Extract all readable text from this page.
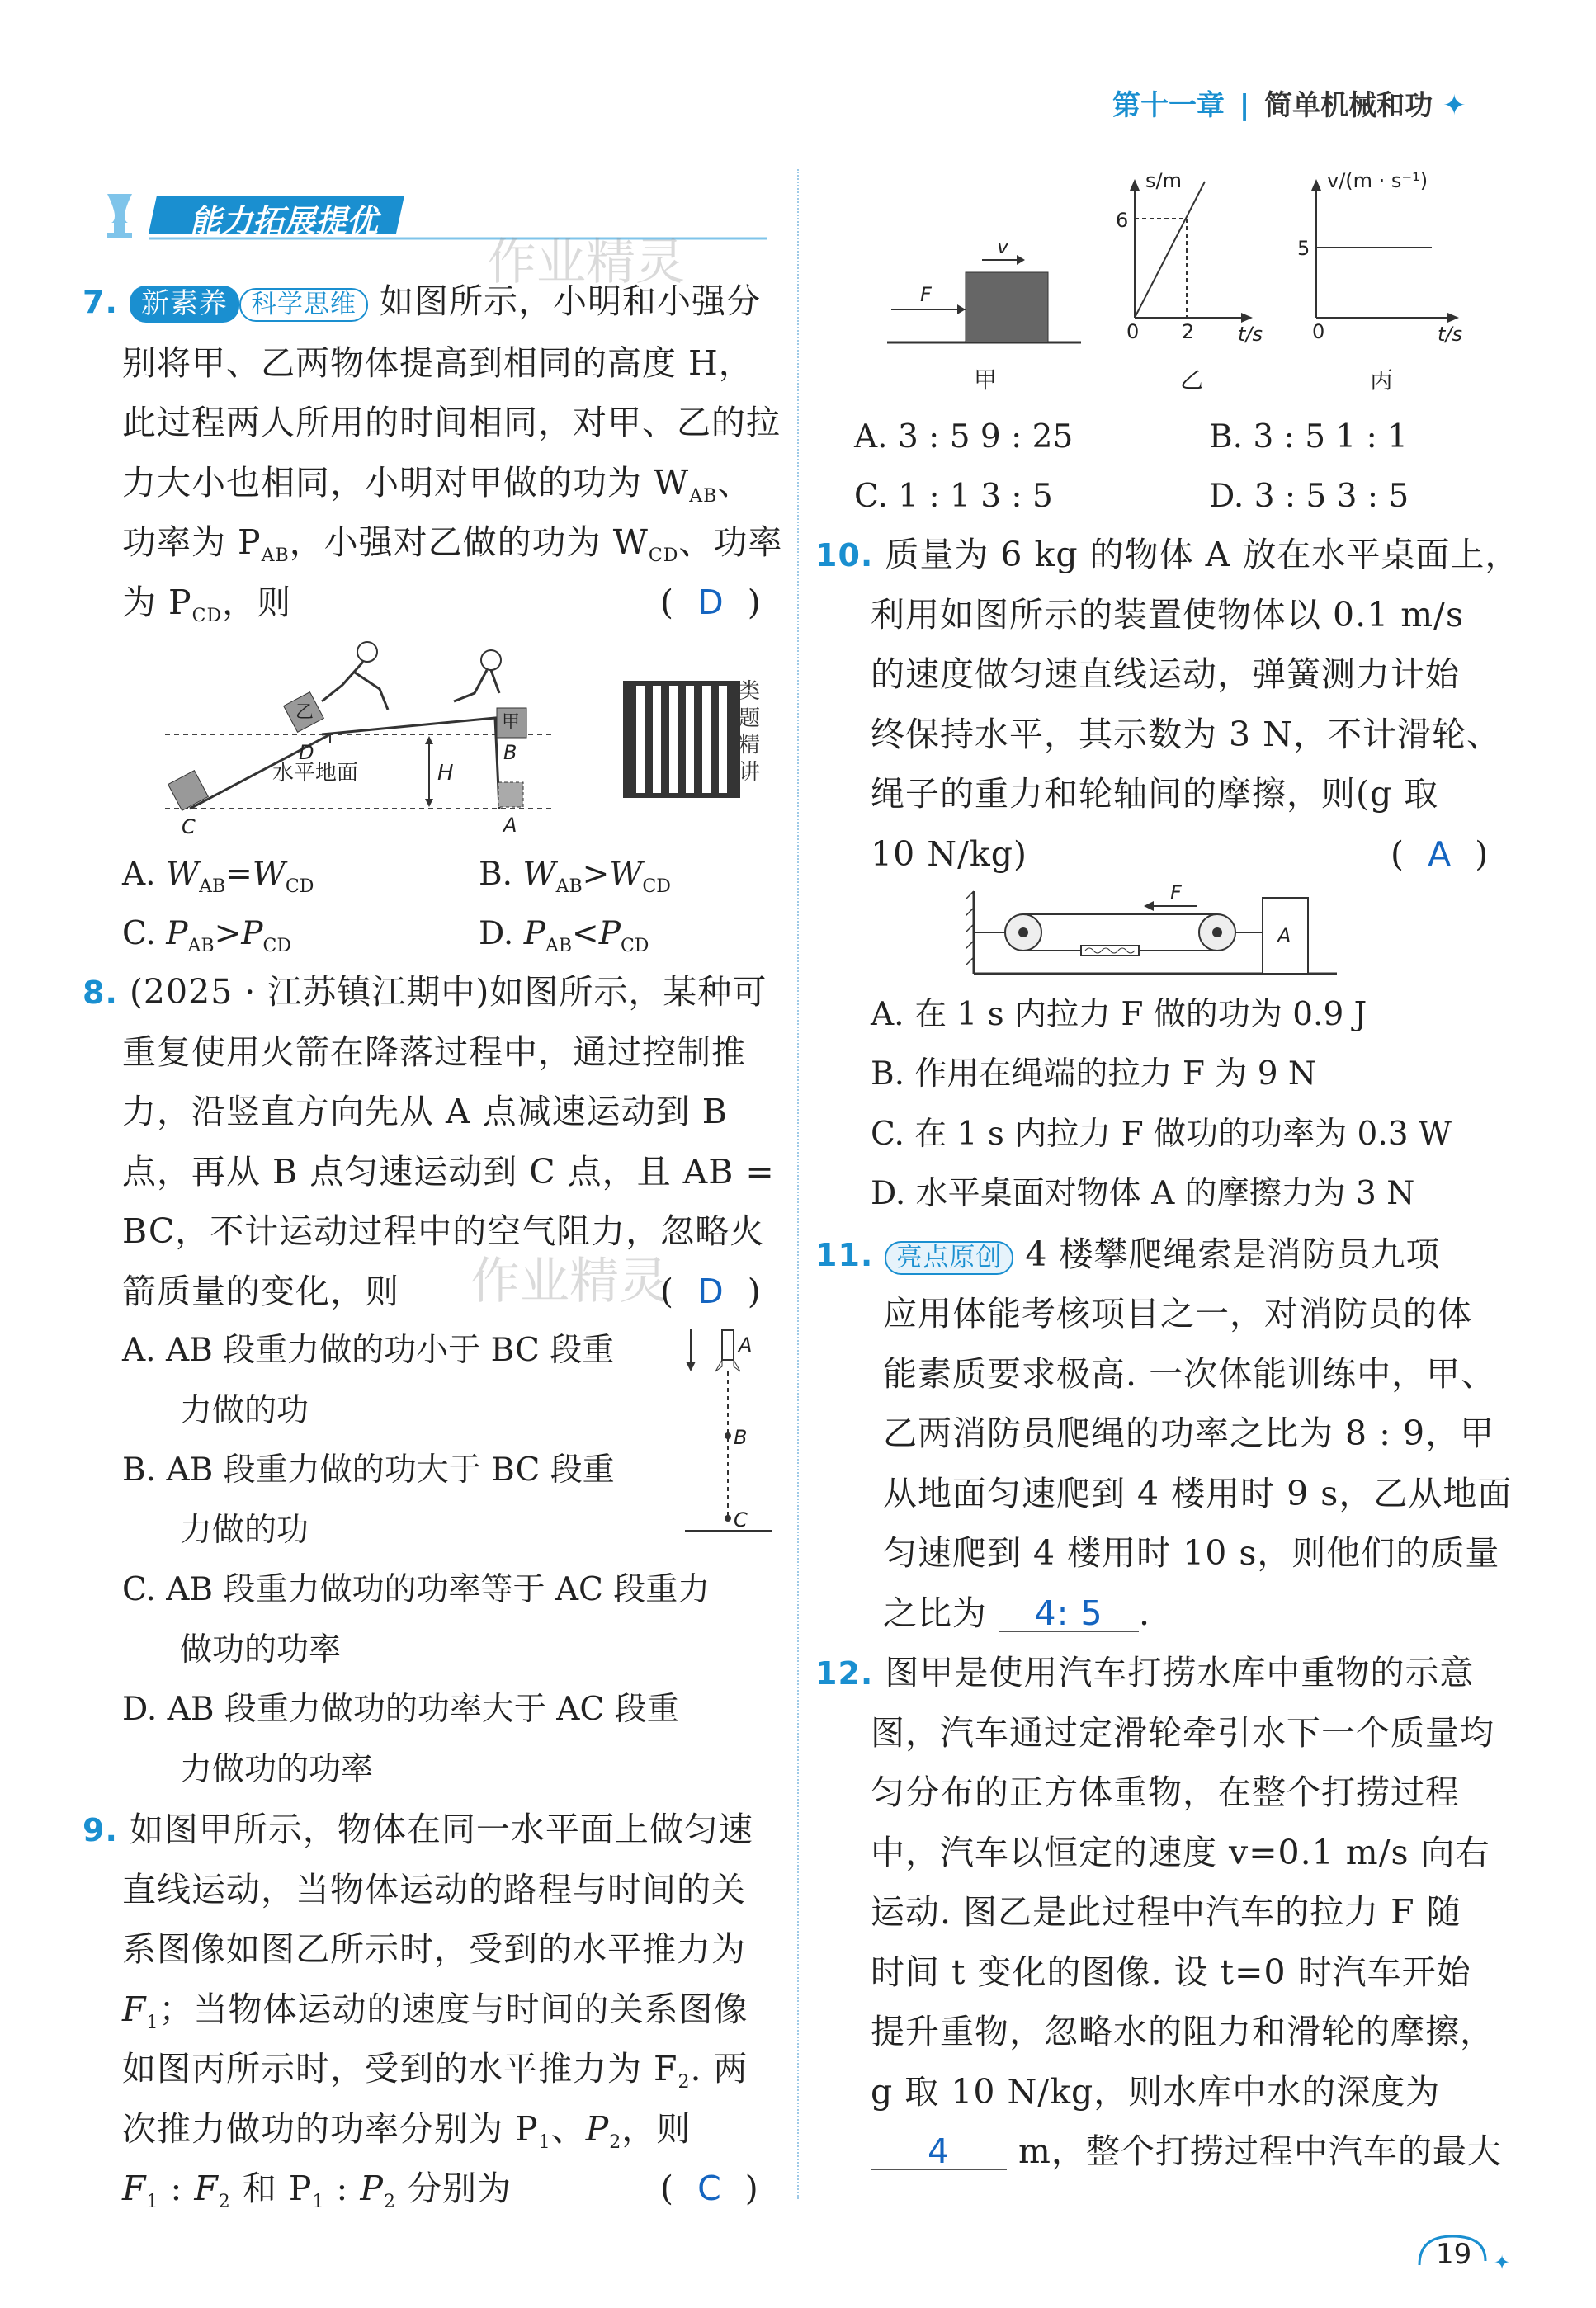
第十一章 | 简单机械和功 ✦
能力拓展提优
作业精灵
作业精灵
7. 新素养 科学思维 如图所示，小明和小强分
别将甲、乙两物体提高到相同的高度 H，
此过程两人所用的时间相同，对甲、乙的拉
力大小也相同，小明对甲做的功为 $W_{AB}$、
功率为 $P_{AB}$，小强对乙做的功为 $W_{CD}$、功率
为 $P_{CD}$，则	(  D  )
乙	甲
H
水平地面
D	B
C	A
类题精讲
A. $W_{AB}=W_{CD}$	B. $W_{AB}>W_{CD}$
C. $P_{AB}>P_{CD}$	D. $P_{AB}<P_{CD}$
8. (2025 · 江苏镇江期中)如图所示，某种可
重复使用火箭在降落过程中，通过控制推
力，沿竖直方向先从 A 点减速运动到 B
点，再从 B 点匀速运动到 C 点，且 AB =
BC，不计运动过程中的空气阻力，忽略火
箭质量的变化，则	(  D  )
A. AB 段重力做的功小于 BC 段重
力做的功
B. AB 段重力做的功大于 BC 段重
力做的功
C. AB 段重力做功的功率等于 AC 段重力
做功的功率
D. AB 段重力做功的功率大于 AC 段重
力做功的功率
A
B
C
9. 如图甲所示，物体在同一水平面上做匀速
直线运动，当物体运动的路程与时间的关
系图像如图乙所示时，受到的水平推力为
$F_1$；当物体运动的速度与时间的关系图像
如图丙所示时，受到的水平推力为 $F_2$. 两
次推力做功的功率分别为 $P_1$、$P_2$，则
$F_1$ : $F_2$ 和 $P_1$ : $P_2$ 分别为	(  C  )
F
v
甲
s/m
6
0 2 t/s
乙
v/(m · s⁻¹)
5
0	t/s
丙
A. 3 : 5 9 : 25	B. 3 : 5 1 : 1
C. 1 : 1 3 : 5	D. 3 : 5 3 : 5
10. 质量为 6 kg 的物体 A 放在水平桌面上，
利用如图所示的装置使物体以 0.1 m/s
的速度做匀速直线运动，弹簧测力计始
终保持水平，其示数为 3 N，不计滑轮、
绳子的重力和轮轴间的摩擦，则(g 取
10 N/kg)	(  A  )
A
F
A. 在 1 s 内拉力 F 做的功为 0.9 J
B. 作用在绳端的拉力 F 为 9 N
C. 在 1 s 内拉力 F 做功的功率为 0.3 W
D. 水平桌面对物体 A 的摩擦力为 3 N
11. 亮点原创 4 楼攀爬绳索是消防员九项
应用体能考核项目之一，对消防员的体
能素质要求极高. 一次体能训练中，甲、
乙两消防员爬绳的功率之比为 8 : 9，甲
从地面匀速爬到 4 楼用时 9 s，乙从地面
匀速爬到 4 楼用时 10 s，则他们的质量
之比为 4: 5 .
12. 图甲是使用汽车打捞水库中重物的示意
图，汽车通过定滑轮牵引水下一个质量均
匀分布的正方体重物，在整个打捞过程
中，汽车以恒定的速度 v=0.1 m/s 向右
运动. 图乙是此过程中汽车的拉力 F 随
时间 t 变化的图像. 设 t=0 时汽车开始
提升重物，忽略水的阻力和滑轮的摩擦，
g 取 10 N/kg，则水库中水的深度为
4 m，整个打捞过程中汽车的最大
✦
19
